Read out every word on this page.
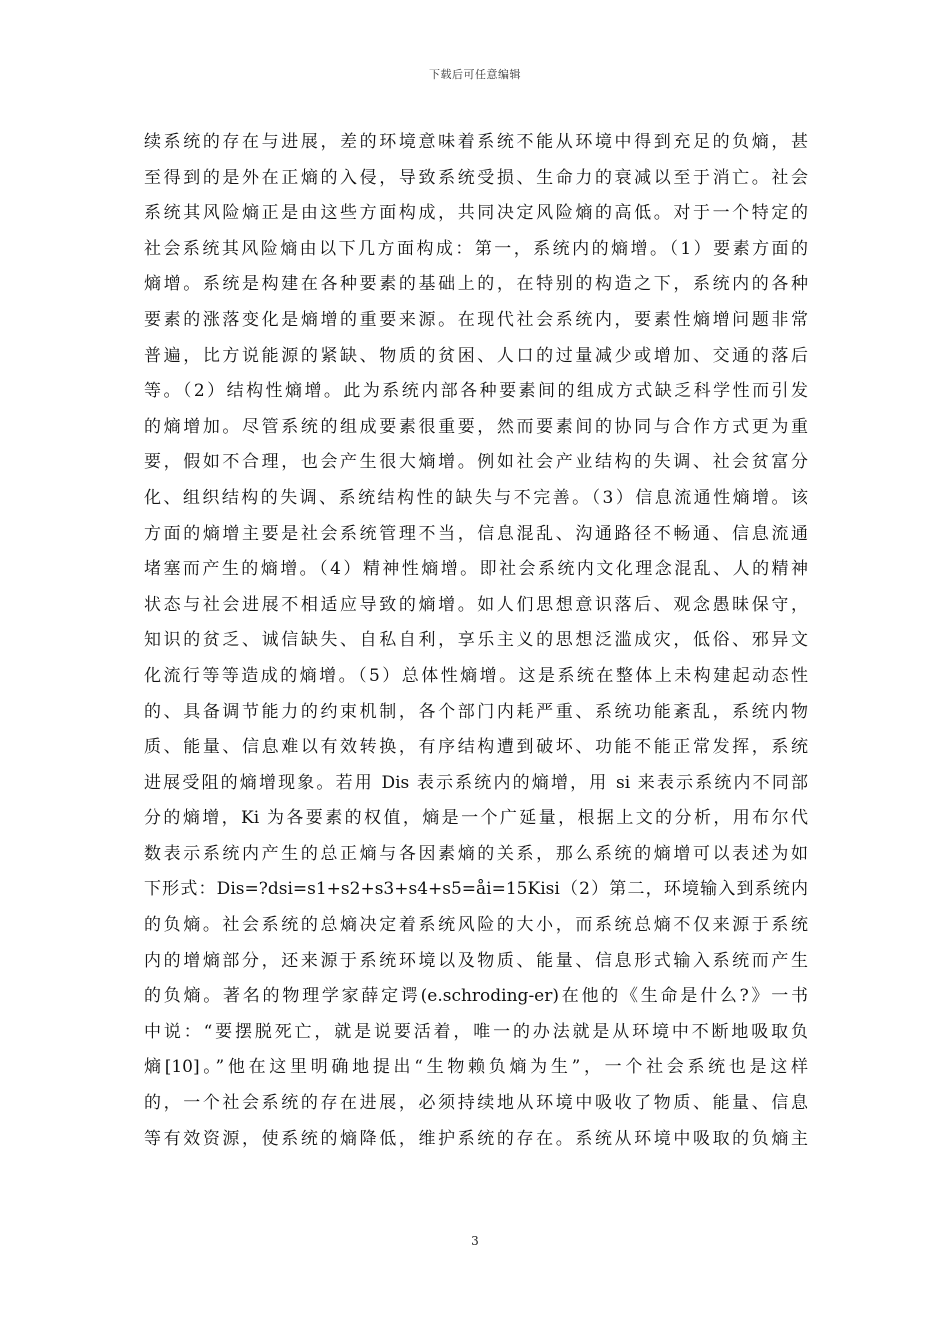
下载后可任意编辑
续系统的存在与进展，差的环境意味着系统不能从环境中得到充足的负熵，甚
至得到的是外在正熵的入侵，导致系统受损、生命力的衰减以至于消亡。社会
系统其风险熵正是由这些方面构成，共同决定风险熵的高低。对于一个特定的
社会系统其风险熵由以下几方面构成：第一，系统内的熵增。（1）要素方面的
熵增。系统是构建在各种要素的基础上的，在特别的构造之下，系统内的各种
要素的涨落变化是熵增的重要来源。在现代社会系统内，要素性熵增问题非常
普遍，比方说能源的紧缺、物质的贫困、人口的过量减少或增加、交通的落后
等。（2）结构性熵增。此为系统内部各种要素间的组成方式缺乏科学性而引发
的熵增加。尽管系统的组成要素很重要，然而要素间的协同与合作方式更为重
要，假如不合理，也会产生很大熵增。例如社会产业结构的失调、社会贫富分
化、组织结构的失调、系统结构性的缺失与不完善。（3）信息流通性熵增。该
方面的熵增主要是社会系统管理不当，信息混乱、沟通路径不畅通、信息流通
堵塞而产生的熵增。（4）精神性熵增。即社会系统内文化理念混乱、人的精神
状态与社会进展不相适应导致的熵增。如人们思想意识落后、观念愚昧保守，
知识的贫乏、诚信缺失、自私自利，享乐主义的思想泛滥成灾，低俗、邪异文
化流行等等造成的熵增。（5）总体性熵增。这是系统在整体上未构建起动态性
的、具备调节能力的约束机制，各个部门内耗严重、系统功能紊乱，系统内物
质、能量、信息难以有效转换，有序结构遭到破坏、功能不能正常发挥，系统
进展受阻的熵增现象。若用 Dis 表示系统内的熵增，用 si 来表示系统内不同部
分的熵增，Ki 为各要素的权值，熵是一个广延量，根据上文的分析，用布尔代
数表示系统内产生的总正熵与各因素熵的关系，那么系统的熵增可以表述为如
下形式：Dis=?dsi=s1+s2+s3+s4+s5=åi=15Kisi（2）第二，环境输入到系统内
的负熵。社会系统的总熵决定着系统风险的大小，而系统总熵不仅来源于系统
内的增熵部分，还来源于系统环境以及物质、能量、信息形式输入系统而产生
的负熵。著名的物理学家薛定谔(e.schroding-er)在他的《生命是什么?》一书
中说：“要摆脱死亡，就是说要活着，唯一的办法就是从环境中不断地吸取负
熵[10]。”他在这里明确地提出“生物赖负熵为生”，一个社会系统也是这样
的，一个社会系统的存在进展，必须持续地从环境中吸收了物质、能量、信息
等有效资源，使系统的熵降低，维护系统的存在。系统从环境中吸取的负熵主
3
